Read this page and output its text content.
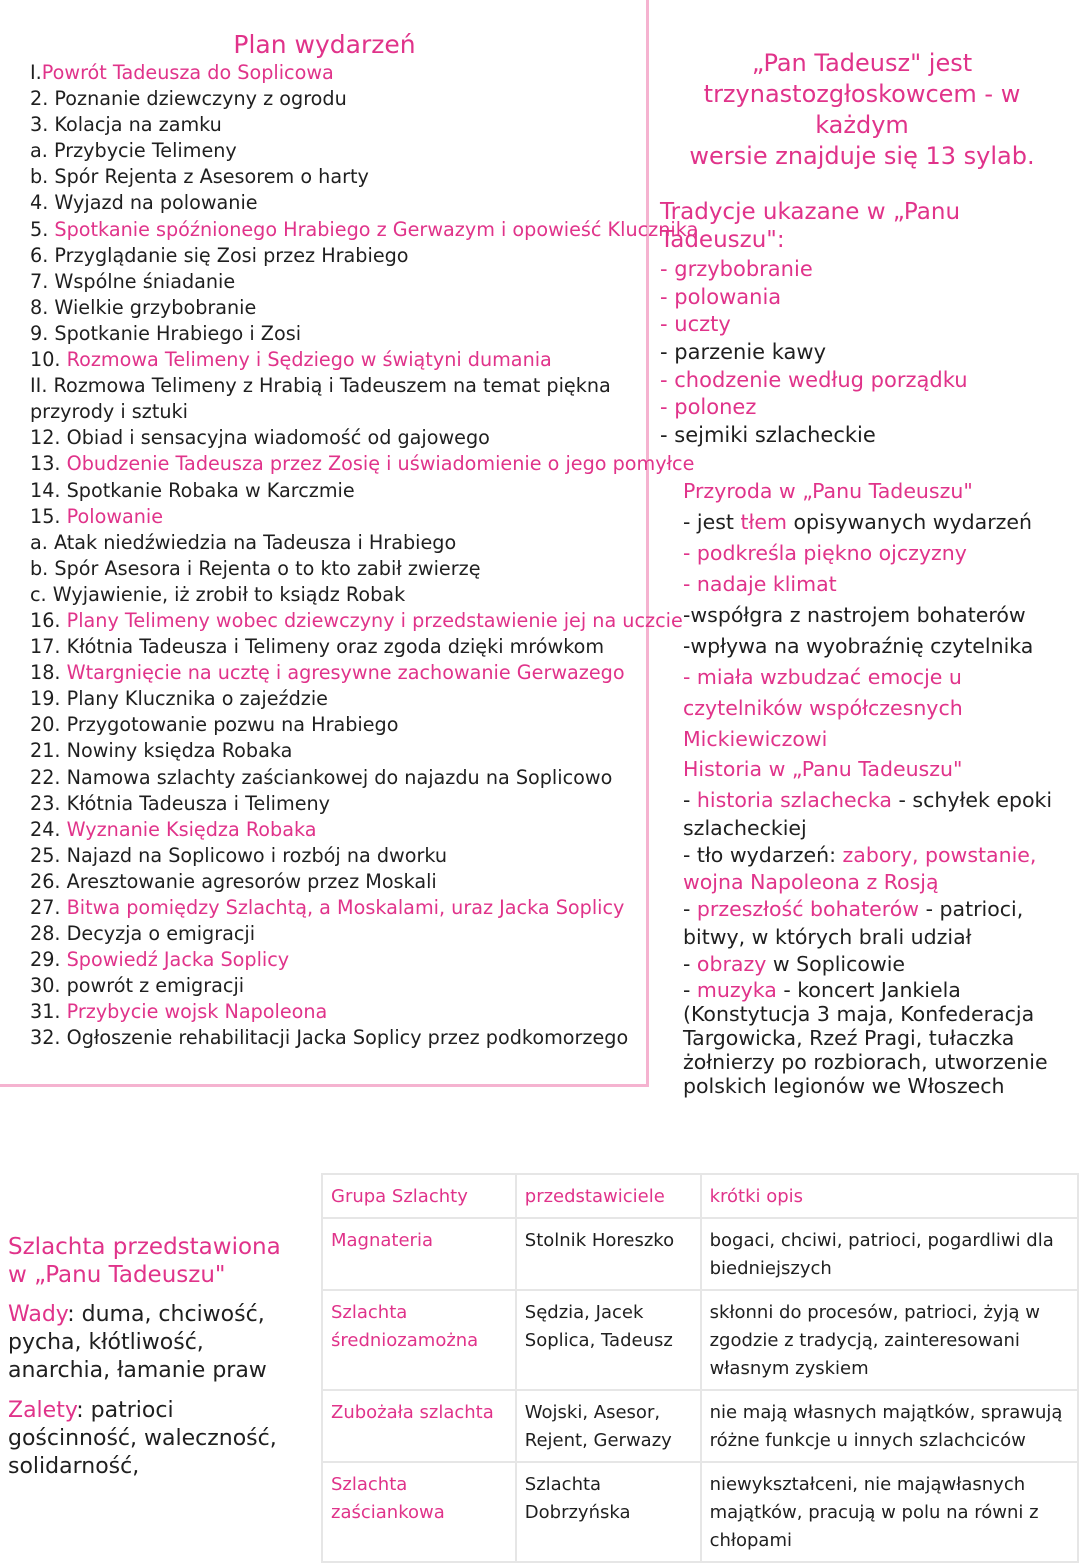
Plan wydarzeń
I.Powrót Tadeusza do Soplicowa
2. Poznanie dziewczyny z ogrodu
3. Kolacja na zamku
a. Przybycie Telimeny
b. Spór Rejenta z Asesorem o harty
4. Wyjazd na polowanie
5. Spotkanie spóźnionego Hrabiego z Gerwazym i opowieść Klucznika
6. Przyglądanie się Zosi przez Hrabiego
7. Wspólne śniadanie
8. Wielkie grzybobranie
9. Spotkanie Hrabiego i Zosi
10. Rozmowa Telimeny i Sędziego w świątyni dumania
II. Rozmowa Telimeny z Hrabią i Tadeuszem na temat piękna przyrody i sztuki
12. Obiad i sensacyjna wiadomość od gajowego
13. Obudzenie Tadeusza przez Zosię i uświadomienie o jego pomyłce
14. Spotkanie Robaka w Karczmie
15. Polowanie
a. Atak niedźwiedzia na Tadeusza i Hrabiego
b. Spór Asesora i Rejenta o to kto zabił zwierzę
c. Wyjawienie, iż zrobił to ksiądz Robak
16. Plany Telimeny wobec dziewczyny i przedstawienie jej na uczcie
17. Kłótnia Tadeusza i Telimeny oraz zgoda dzięki mrówkom
18. Wtargnięcie na ucztę i agresywne zachowanie Gerwazego
19. Plany Klucznika o zajeździe
20. Przygotowanie pozwu na Hrabiego
21. Nowiny księdza Robaka
22. Namowa szlachty zaściankowej do najazdu na Soplicowo
23. Kłótnia Tadeusza i Telimeny
24. Wyznanie Księdza Robaka
25. Najazd na Soplicowo i rozbój na dworku
26. Aresztowanie agresorów przez Moskali
27. Bitwa pomiędzy Szlachtą, a Moskalami, uraz Jacka Soplicy
28. Decyzja o emigracji
29. Spowiedź Jacka Soplicy
30. powrót z emigracji
31. Przybycie wojsk Napoleona
32. Ogłoszenie rehabilitacji Jacka Soplicy przez podkomorzego
„Pan Tadeusz" jest
trzynastozgłoskowcem - w każdym
wersie znajduje się 13 sylab.
Tradycje ukazane w „Panu Tadeuszu":
- grzybobranie
- polowania
- uczty
- parzenie kawy
- chodzenie według porządku
- polonez
- sejmiki szlacheckie
Przyroda w „Panu Tadeuszu"
- jest tłem opisywanych wydarzeń
- podkreśla piękno ojczyzny
- nadaje klimat
-współgra z nastrojem bohaterów
-wpływa na wyobraźnię czytelnika
- miała wzbudzać emocje u czytelników współczesnych Mickiewiczowi
Historia w „Panu Tadeuszu"
- historia szlachecka - schyłek epoki szlacheckiej
- tło wydarzeń: zabory, powstanie, wojna Napoleona z Rosją
- przeszłość bohaterów - patrioci, bitwy, w których brali udział
- obrazy w Soplicowie
- muzyka - koncert Jankiela (Konstytucja 3 maja, Konfederacja Targowicka, Rzeź Pragi, tułaczka żołnierzy po rozbiorach, utworzenie polskich legionów we Włoszech
Szlachta przedstawiona
w „Panu Tadeuszu"
Wady: duma, chciwość, pycha, kłótliwość, anarchia, łamanie praw
Zalety: patrioci gościnność, waleczność, solidarność,
Grupa Szlachty	przedstawiciele	krótki opis
Magnateria	Stolnik Horeszko	bogaci, chciwi, patrioci, pogardliwi dla biedniejszych
Szlachta średniozamożna	Sędzia, Jacek Soplica, Tadeusz	skłonni do procesów, patrioci, żyją w zgodzie z tradycją, zainteresowani własnym zyskiem
Zubożała szlachta	Wojski, Asesor, Rejent, Gerwazy	nie mają własnych majątków, sprawują różne funkcje u innych szlachciców
Szlachta zaściankowa	Szlachta Dobrzyńska	niewykształceni, nie mająwłasnych majątków, pracują w polu na równi z chłopami
